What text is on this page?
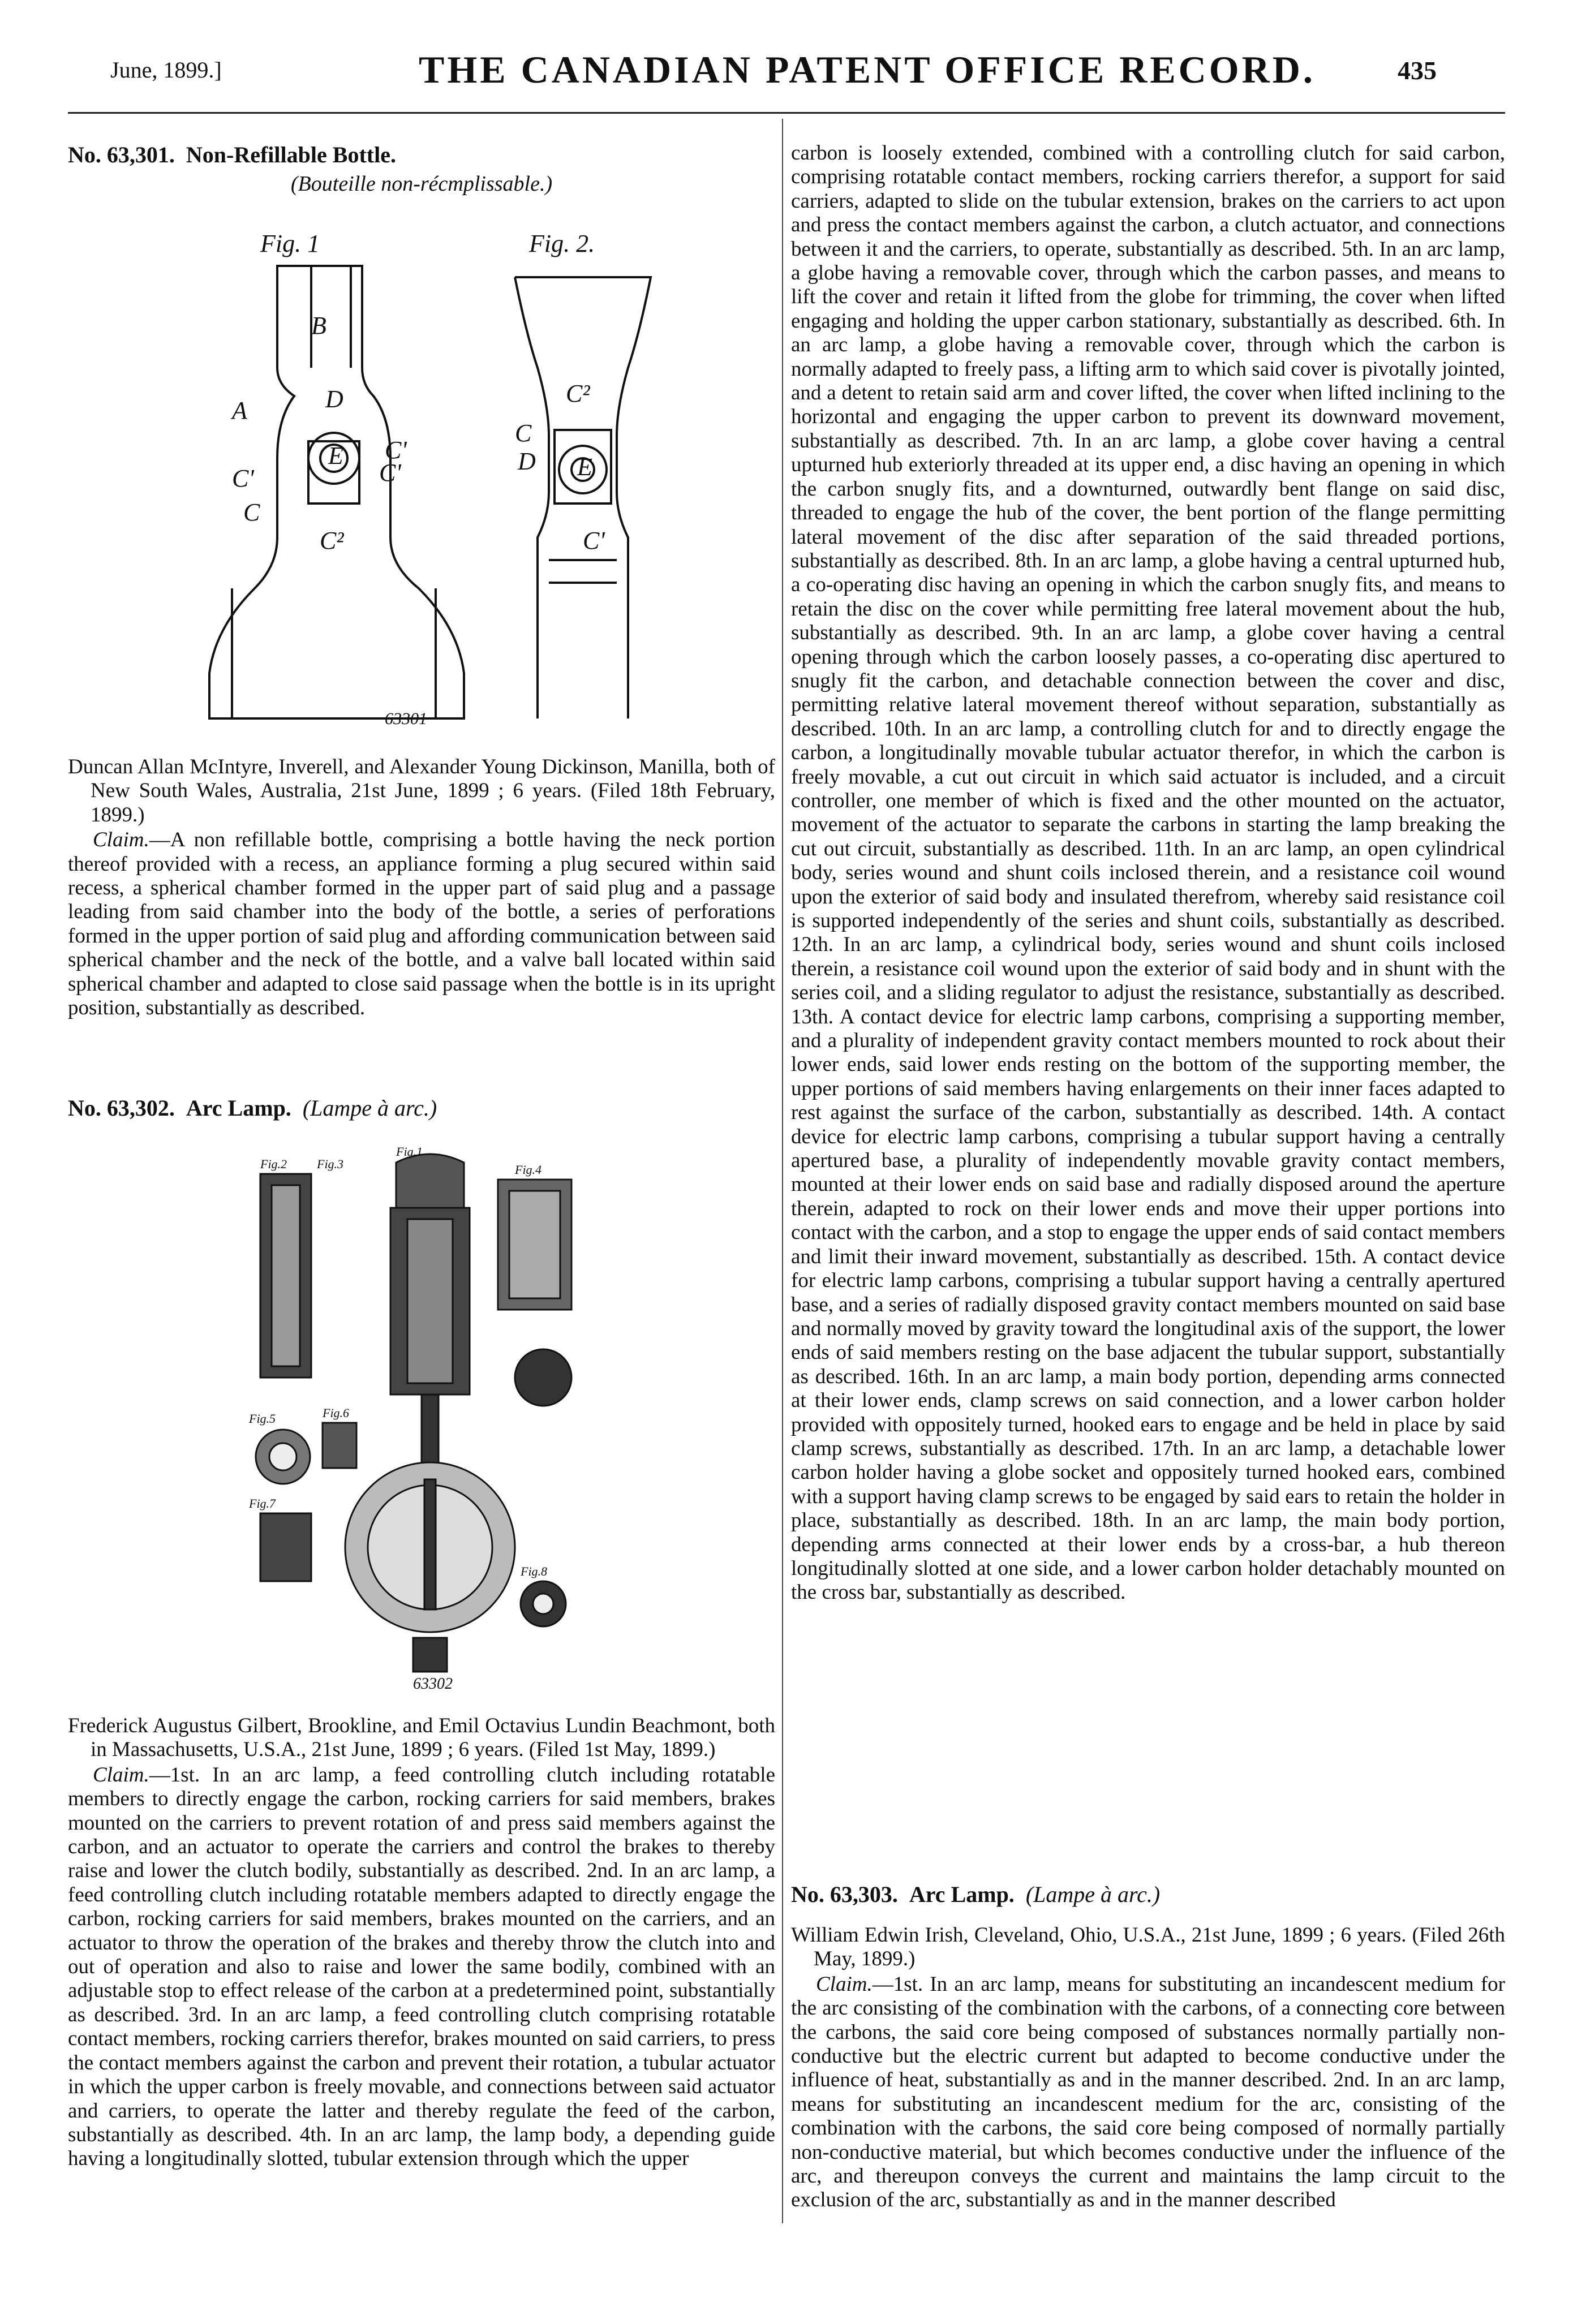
June, 1899.]	THE CANADIAN PATENT OFFICE RECORD.	435
No. 63,301. Non-Refillable Bottle.
(Bouteille non-récmplissable.)
Fig. 1	Fig. 2.
B
A
C'
C
C'
D
E
C²
C²
C
D E
C'
C'
63301

Duncan Allan McIntyre, Inverell, and Alexander Young Dickinson, Manilla, both of New South Wales, Australia, 21st June, 1899 ; 6 years. (Filed 18th February, 1899.)

Claim.—A non refillable bottle, comprising a bottle having the neck portion thereof provided with a recess, an appliance forming a plug secured within said recess, a spherical chamber formed in the upper part of said plug and a passage leading from said chamber into the body of the bottle, a series of perforations formed in the upper portion of said plug and affording communication between said spherical chamber and the neck of the bottle, and a valve ball located within said spherical chamber and adapted to close said passage when the bottle is in its upright position, substantially as described.

No. 63,302. Arc Lamp. (Lampe à arc.)
Fig.1
Fig.2 Fig.3	Fig.4
Fig.5	Fig.6
Fig.7
Fig.8
63302

Frederick Augustus Gilbert, Brookline, and Emil Octavius Lundin Beachmont, both in Massachusetts, U.S.A., 21st June, 1899 ; 6 years. (Filed 1st May, 1899.)

Claim.—1st. In an arc lamp, a feed controlling clutch including rotatable members to directly engage the carbon, rocking carriers for said members, brakes mounted on the carriers to prevent rotation of and press said members against the carbon, and an actuator to operate the carriers and control the brakes to thereby raise and lower the clutch bodily, substantially as described. 2nd. In an arc lamp, a feed controlling clutch including rotatable members adapted to directly engage the carbon, rocking carriers for said members, brakes mounted on the carriers, and an actuator to throw the operation of the brakes and thereby throw the clutch into and out of operation and also to raise and lower the same bodily, combined with an adjustable stop to effect release of the carbon at a predetermined point, substantially as described. 3rd. In an arc lamp, a feed controlling clutch comprising rotatable contact members, rocking carriers therefor, brakes mounted on said carriers, to press the contact members against the carbon and prevent their rotation, a tubular actuator in which the upper carbon is freely movable, and connections between said actuator and carriers, to operate the latter and thereby regulate the feed of the carbon, substantially as described. 4th. In an arc lamp, the lamp body, a depending guide having a longitudinally slotted, tubular extension through which the upper

carbon is loosely extended, combined with a controlling clutch for said carbon, comprising rotatable contact members, rocking carriers therefor, a support for said carriers, adapted to slide on the tubular extension, brakes on the carriers to act upon and press the contact members against the carbon, a clutch actuator, and connections between it and the carriers, to operate, substantially as described. 5th. In an arc lamp, a globe having a removable cover, through which the carbon passes, and means to lift the cover and retain it lifted from the globe for trimming, the cover when lifted engaging and holding the upper carbon stationary, substantially as described. 6th. In an arc lamp, a globe having a removable cover, through which the carbon is normally adapted to freely pass, a lifting arm to which said cover is pivotally jointed, and a detent to retain said arm and cover lifted, the cover when lifted inclining to the horizontal and engaging the upper carbon to prevent its downward movement, substantially as described. 7th. In an arc lamp, a globe cover having a central upturned hub exteriorly threaded at its upper end, a disc having an opening in which the carbon snugly fits, and a downturned, outwardly bent flange on said disc, threaded to engage the hub of the cover, the bent portion of the flange permitting lateral movement of the disc after separation of the said threaded portions, substantially as described. 8th. In an arc lamp, a globe having a central upturned hub, a co-operating disc having an opening in which the carbon snugly fits, and means to retain the disc on the cover while permitting free lateral movement about the hub, substantially as described. 9th. In an arc lamp, a globe cover having a central opening through which the carbon loosely passes, a co-operating disc apertured to snugly fit the carbon, and detachable connection between the cover and disc, permitting relative lateral movement thereof without separation, substantially as described. 10th. In an arc lamp, a controlling clutch for and to directly engage the carbon, a longitudinally movable tubular actuator therefor, in which the carbon is freely movable, a cut out circuit in which said actuator is included, and a circuit controller, one member of which is fixed and the other mounted on the actuator, movement of the actuator to separate the carbons in starting the lamp breaking the cut out circuit, substantially as described. 11th. In an arc lamp, an open cylindrical body, series wound and shunt coils inclosed therein, and a resistance coil wound upon the exterior of said body and insulated therefrom, whereby said resistance coil is supported independently of the series and shunt coils, substantially as described. 12th. In an arc lamp, a cylindrical body, series wound and shunt coils inclosed therein, a resistance coil wound upon the exterior of said body and in shunt with the series coil, and a sliding regulator to adjust the resistance, substantially as described. 13th. A contact device for electric lamp carbons, comprising a supporting member, and a plurality of independent gravity contact members mounted to rock about their lower ends, said lower ends resting on the bottom of the supporting member, the upper portions of said members having enlargements on their inner faces adapted to rest against the surface of the carbon, substantially as described. 14th. A contact device for electric lamp carbons, comprising a tubular support having a centrally apertured base, a plurality of independently movable gravity contact members, mounted at their lower ends on said base and radially disposed around the aperture therein, adapted to rock on their lower ends and move their upper portions into contact with the carbon, and a stop to engage the upper ends of said contact members and limit their inward movement, substantially as described. 15th. A contact device for electric lamp carbons, comprising a tubular support having a centrally apertured base, and a series of radially disposed gravity contact members mounted on said base and normally moved by gravity toward the longitudinal axis of the support, the lower ends of said members resting on the base adjacent the tubular support, substantially as described. 16th. In an arc lamp, a main body portion, depending arms connected at their lower ends, clamp screws on said connection, and a lower carbon holder provided with oppositely turned, hooked ears to engage and be held in place by said clamp screws, substantially as described. 17th. In an arc lamp, a detachable lower carbon holder having a globe socket and oppositely turned hooked ears, combined with a support having clamp screws to be engaged by said ears to retain the holder in place, substantially as described. 18th. In an arc lamp, the main body portion, depending arms connected at their lower ends by a cross-bar, a hub thereon longitudinally slotted at one side, and a lower carbon holder detachably mounted on the cross bar, substantially as described.

No. 63,303. Arc Lamp. (Lampe à arc.)

William Edwin Irish, Cleveland, Ohio, U.S.A., 21st June, 1899 ; 6 years. (Filed 26th May, 1899.)

Claim.—1st. In an arc lamp, means for substituting an incandescent medium for the arc consisting of the combination with the carbons, of a connecting core between the carbons, the said core being composed of substances normally partially non-conductive but the electric current but adapted to become conductive under the influence of heat, substantially as and in the manner described. 2nd. In an arc lamp, means for substituting an incandescent medium for the arc, consisting of the combination with the carbons, the said core being composed of normally partially non-conductive material, but which becomes conductive under the influence of the arc, and thereupon conveys the current and maintains the lamp circuit to the exclusion of the arc, substantially as and in the manner described
